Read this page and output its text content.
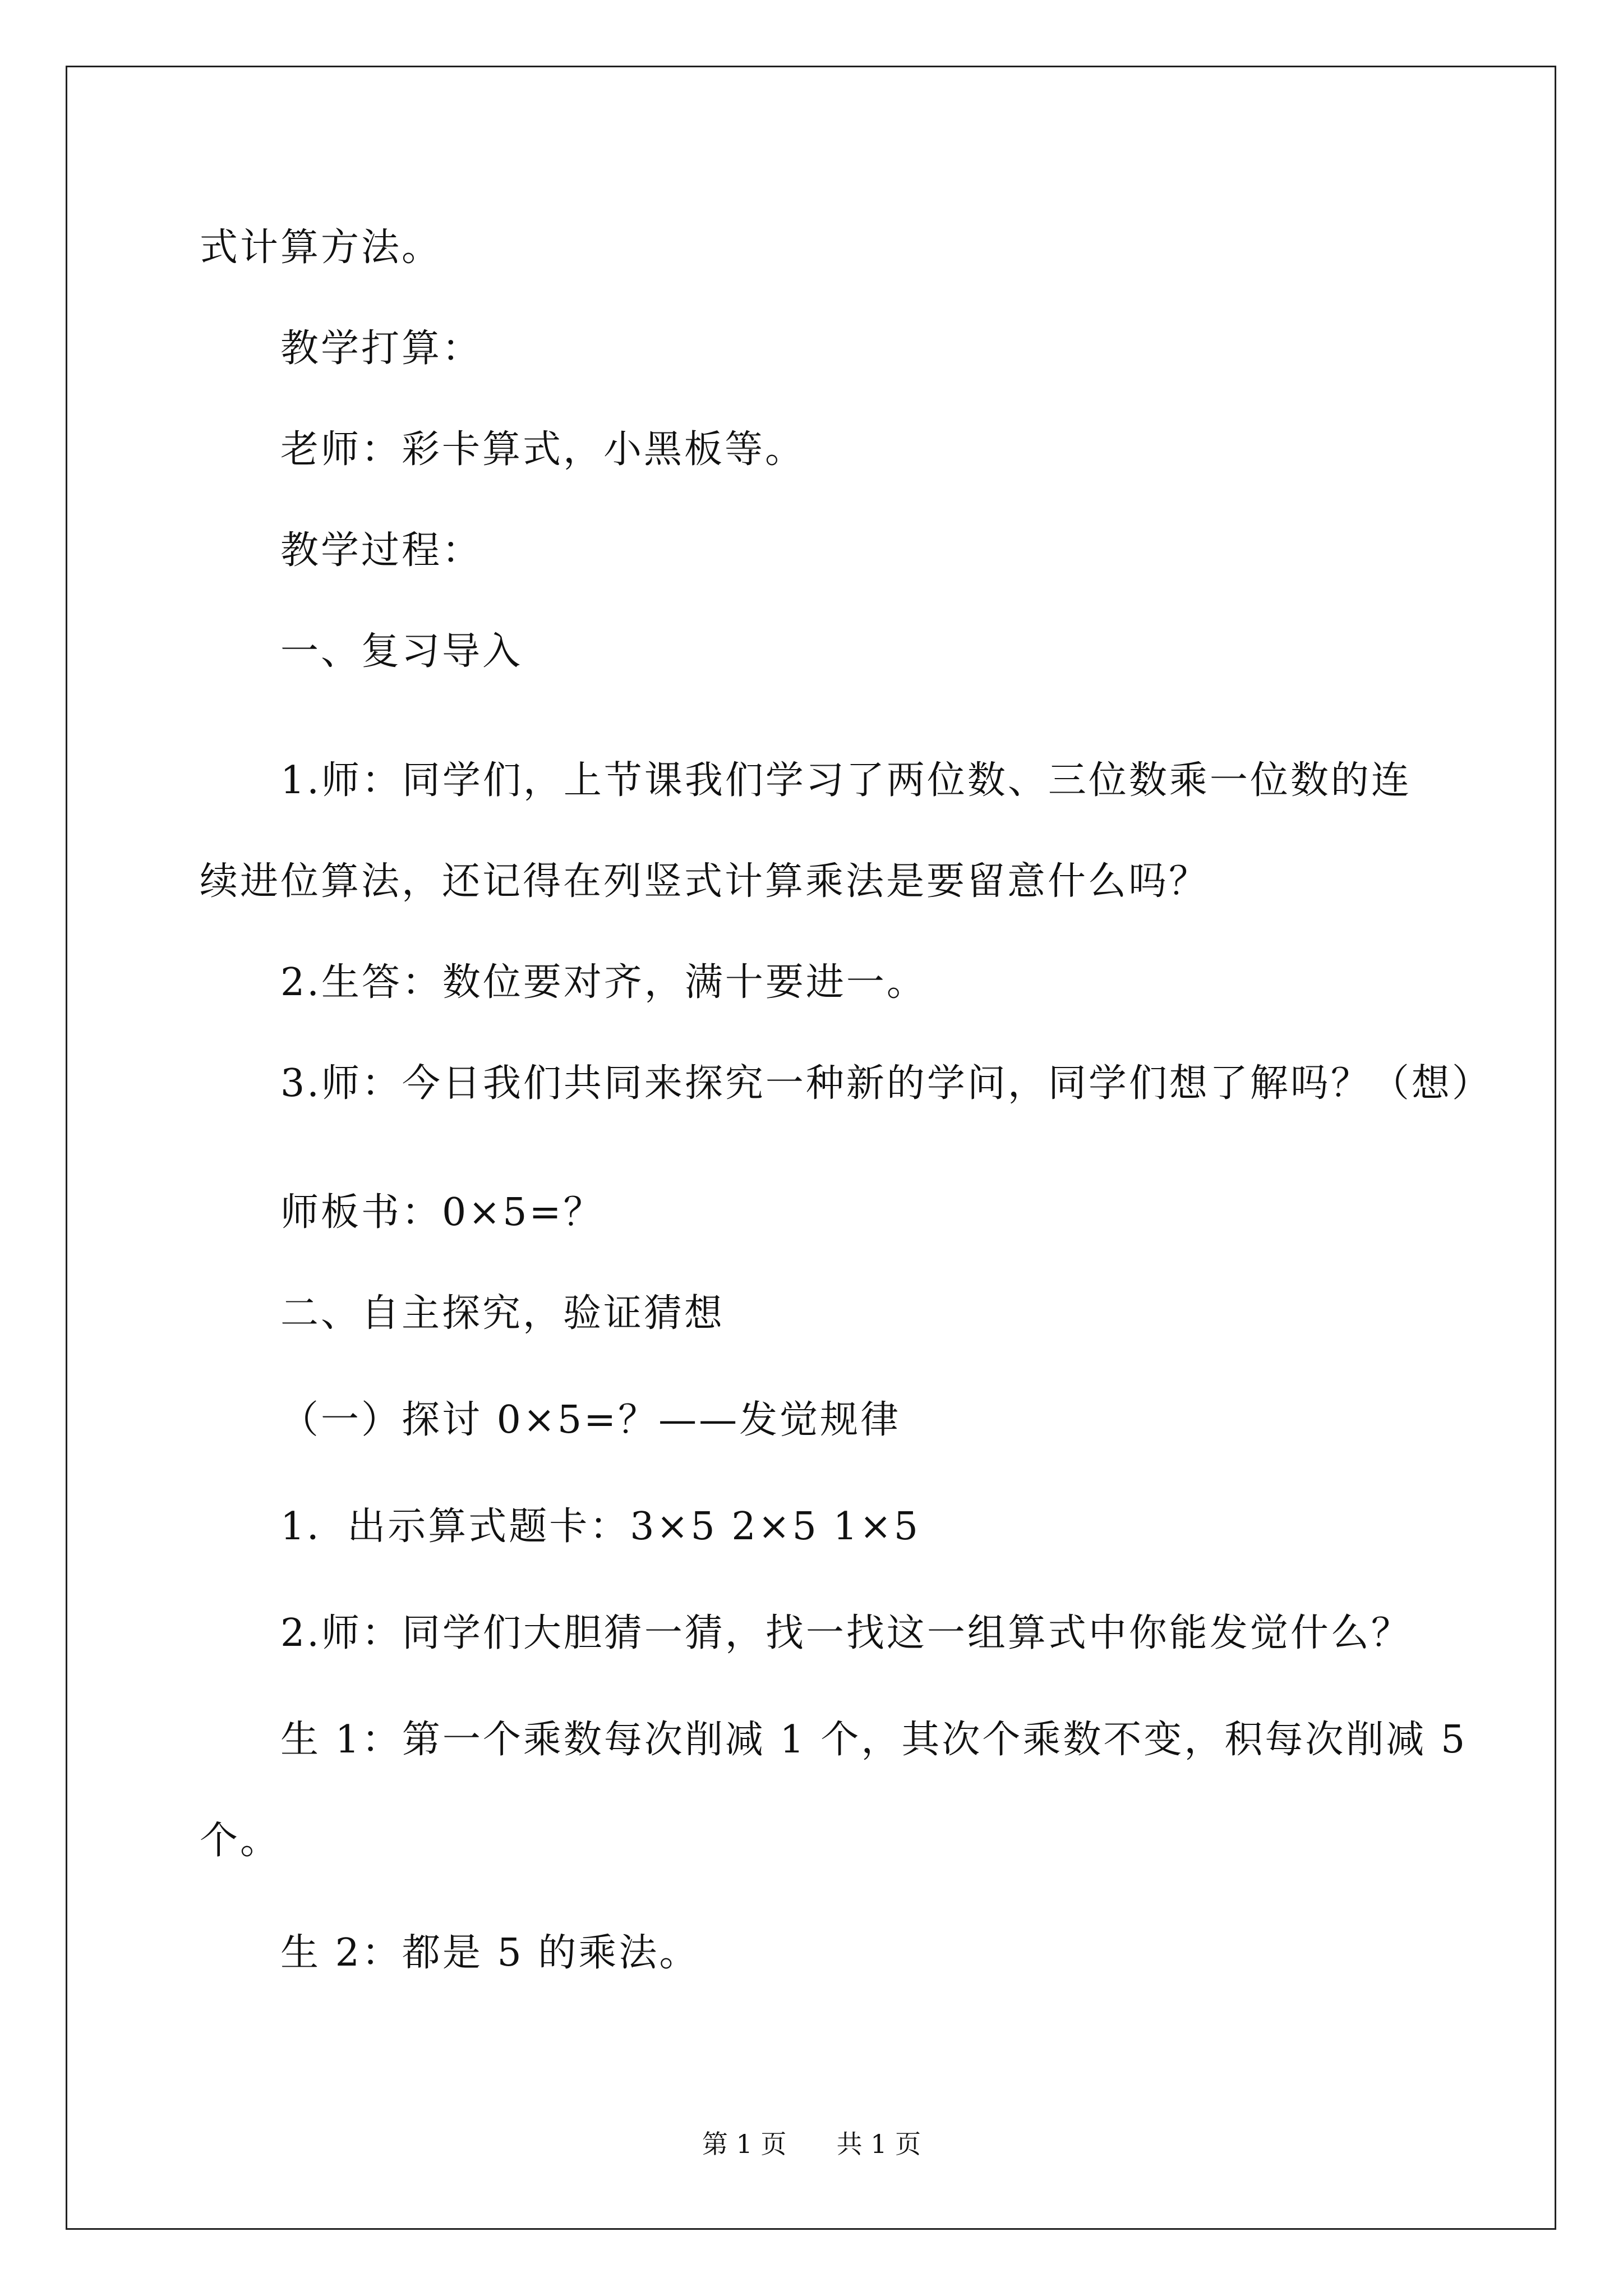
式计算方法。
教学打算：
老师：彩卡算式，小黑板等。
教学过程：
一、复习导入
1.师：同学们，上节课我们学习了两位数、三位数乘一位数的连
续进位算法，还记得在列竖式计算乘法是要留意什么吗？
2.生答：数位要对齐，满十要进一。
3.师：今日我们共同来探究一种新的学问，同学们想了解吗？（想）
师板书：0×5=？
二、自主探究，验证猜想
（一）探讨 0×5=？——发觉规律
1．出示算式题卡：3×5 2×5 1×5
2.师：同学们大胆猜一猜，找一找这一组算式中你能发觉什么？
生 1：第一个乘数每次削减 1 个，其次个乘数不变，积每次削减 5
个。
生 2：都是 5 的乘法。
第 1 页 共 1 页
